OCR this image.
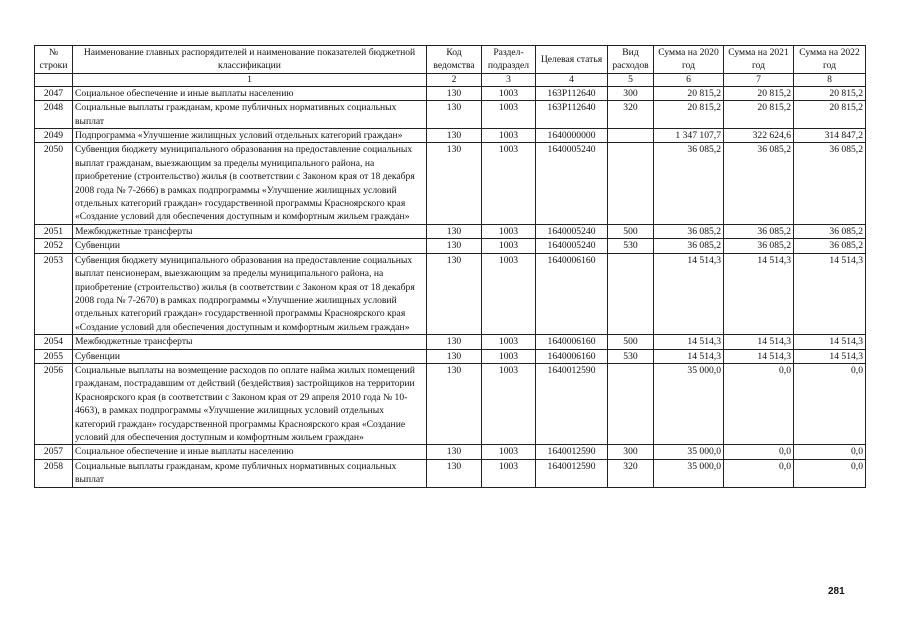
№ строки	Наименование главных распорядителей и наименование показателей бюджетной классификации	Код ведомства	Раздел-подраздел	Целевая статья	Вид расходов	Сумма на 2020 год	Сумма на 2021 год	Сумма на 2022 год
	1	2	3	4	5	6	7	8
2047	Социальное обеспечение и иные выплаты населению	130	1003	163Р112640	300	20 815,2	20 815,2	20 815,2
2048	Социальные выплаты гражданам, кроме публичных нормативных социальных выплат	130	1003	163Р112640	320	20 815,2	20 815,2	20 815,2
2049	Подпрограмма «Улучшение жилищных условий отдельных категорий граждан»	130	1003	1640000000		1 347 107,7	322 624,6	314 847,2
2050	Субвенция бюджету муниципального образования на предоставление социальных выплат гражданам, выезжающим за пределы муниципального района, на приобретение (строительство) жилья (в соответствии с Законом края от 18 декабря 2008 года № 7-2666) в рамках подпрограммы «Улучшение жилищных условий отдельных категорий граждан» государственной программы Красноярского края «Создание условий для обеспечения доступным и комфортным жильем граждан»	130	1003	1640005240		36 085,2	36 085,2	36 085,2
2051	Межбюджетные трансферты	130	1003	1640005240	500	36 085,2	36 085,2	36 085,2
2052	Субвенции	130	1003	1640005240	530	36 085,2	36 085,2	36 085,2
2053	Субвенция бюджету муниципального образования на предоставление социальных выплат пенсионерам, выезжающим за пределы муниципального района, на приобретение (строительство) жилья (в соответствии с Законом края от 18 декабря 2008 года № 7-2670) в рамках подпрограммы «Улучшение жилищных условий отдельных категорий граждан» государственной программы Красноярского края «Создание условий для обеспечения доступным и комфортным жильем граждан»	130	1003	1640006160		14 514,3	14 514,3	14 514,3
2054	Межбюджетные трансферты	130	1003	1640006160	500	14 514,3	14 514,3	14 514,3
2055	Субвенции	130	1003	1640006160	530	14 514,3	14 514,3	14 514,3
2056	Социальные выплаты на возмещение расходов по оплате найма жилых помещений гражданам, пострадавшим от действий (бездействия) застройщиков на территории Красноярского края (в соответствии с Законом края от 29 апреля 2010 года № 10-4663), в рамках подпрограммы «Улучшение жилищных условий отдельных категорий граждан» государственной программы Красноярского края «Создание условий для обеспечения доступным и комфортным жильем граждан»	130	1003	1640012590		35 000,0	0,0	0,0
2057	Социальное обеспечение и иные выплаты населению	130	1003	1640012590	300	35 000,0	0,0	0,0
2058	Социальные выплаты гражданам, кроме публичных нормативных социальных выплат	130	1003	1640012590	320	35 000,0	0,0	0,0
281
